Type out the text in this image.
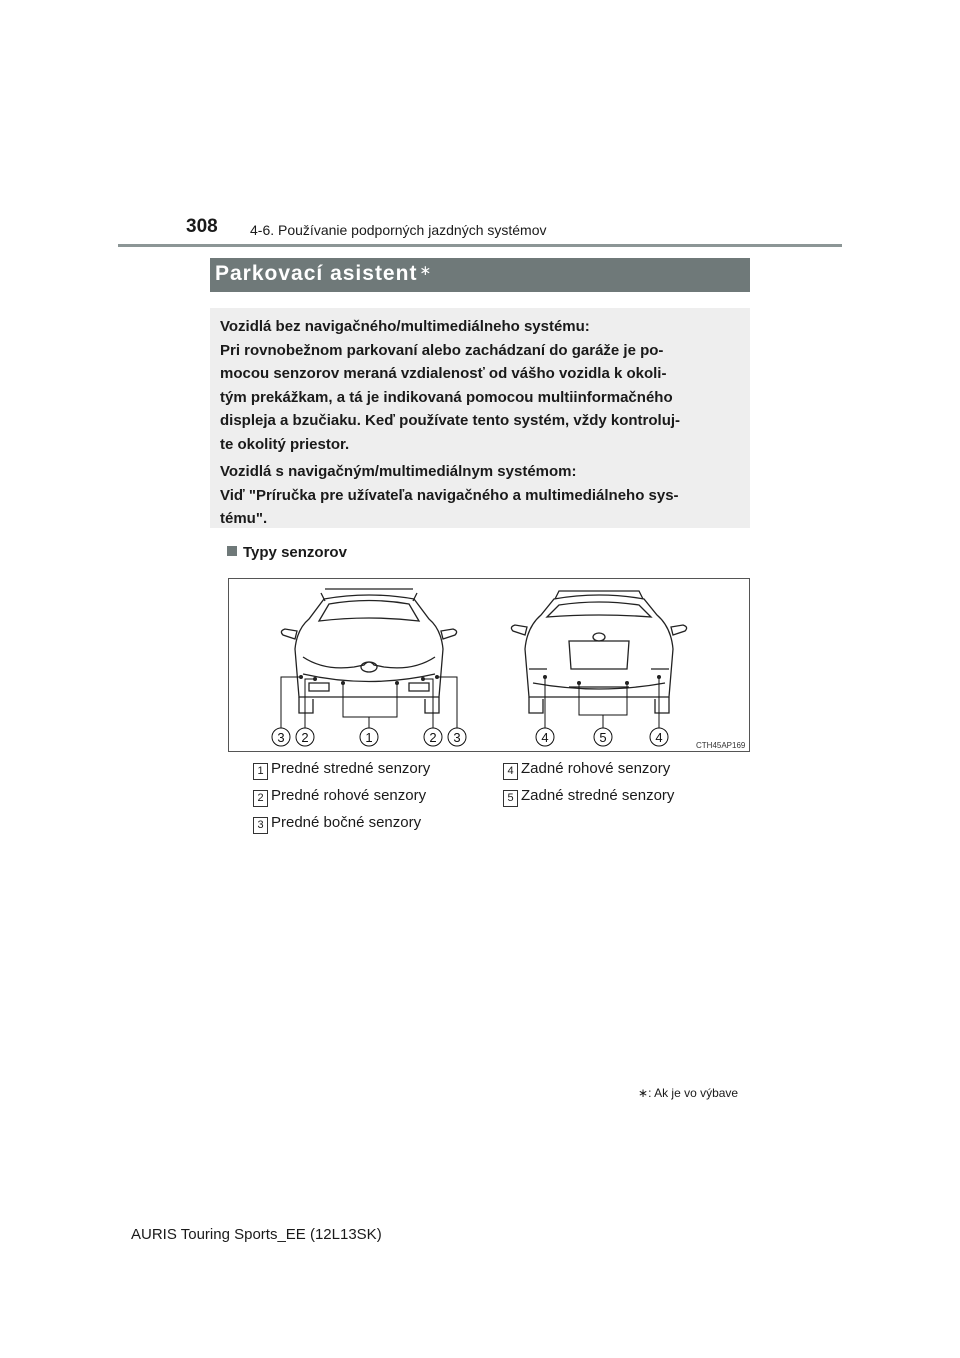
308 4-6. Používanie podporných jazdných systémov
Parkovací asistent ∗
Vozidlá bez navigačného/multimediálneho systému:
Pri rovnobežnom parkovaní alebo zachádzaní do garáže je po-
mocou senzorov meraná vzdialenosť od vášho vozidla k okoli-
tým prekážkam, a tá je indikovaná pomocou multiinformačného
displeja a bzučiaku. Keď používate tento systém, vždy kontroluj-
te okolitý priestor.
Vozidlá s navigačným/multimediálnym systémom:
Viď "Príručka pre užívateľa navigačného a multimediálneho sys-
tému".
Typy senzorov
3 2	1	2 3	4	5	4
CTH45AP169
1 Predné stredné senzory
2 Predné rohové senzory
3 Predné bočné senzory
4 Zadné rohové senzory
5 Zadné stredné senzory
∗: Ak je vo výbave
AURIS Touring Sports_EE (12L13SK)
